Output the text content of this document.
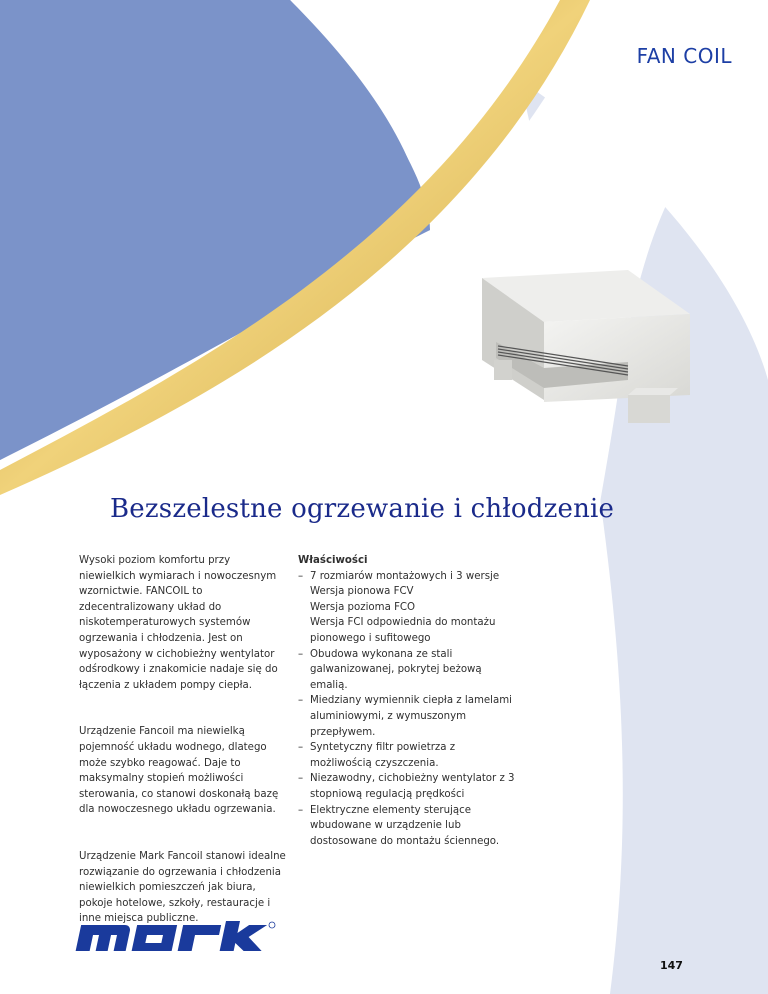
FAN COIL
Bezszelestne ogrzewanie i chłodzenie

Wysoki poziom komfortu przy niewielkich wymiarach i nowoczesnym wzornictwie. FANCOIL to zdecentralizowany układ do niskotemperaturowych systemów ogrzewania i chłodzenia. Jest on wyposażony w cichobieżny wentylator odśrodkowy i znakomicie nadaje się do łączenia z układem pompy ciepła.

Urządzenie Fancoil ma niewielką pojemność układu wodnego, dlatego może szybko reagować. Daje to maksymalny stopień możliwości sterowania, co stanowi doskonałą bazę dla nowoczesnego układu ogrzewania.

Urządzenie Mark Fancoil stanowi idealne rozwiązanie do ogrzewania i chłodzenia niewielkich pomieszczeń jak biura, pokoje hotelowe, szkoły, restauracje i inne miejsca publiczne.

Właściwości

– 7 rozmiarów montażowych i 3 wersje
Wersja pionowa FCV
Wersja pozioma FCO
Wersja FCI odpowiednia do montażu pionowego i sufitowego
– Obudowa wykonana ze stali galwanizowanej, pokrytej beżową emalią.
– Miedziany wymiennik ciepła z lamelami aluminiowymi, z wymuszonym przepływem.
– Syntetyczny filtr powietrza z możliwością czyszczenia.
– Niezawodny, cichobieżny wentylator z 3 stopniową regulacją prędkości
– Elektryczne elementy sterujące wbudowane w urządzenie lub dostosowane do montażu ściennego.
147
